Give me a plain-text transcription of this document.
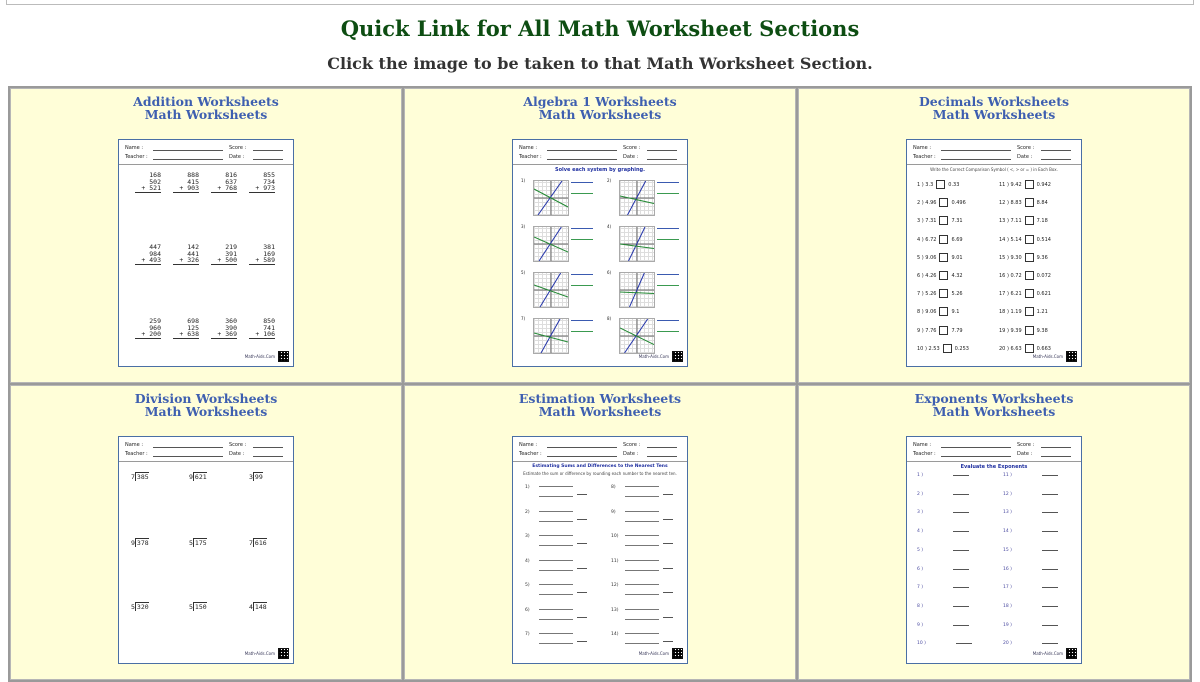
Quick Link for All Math Worksheet Sections
Click the image to be taken to that Math Worksheet Section.
Addition Worksheets
Math Worksheets
Name :	Score :
Teacher :	Date :
168
502
+ 521
888
415
+ 903
816
637
+ 768
855
734
+ 973
447
984
+ 493
142
441
+ 326
219
391
+ 500
381
169
+ 589
259
960
+ 200
698
125
+ 638
360
390
+ 369
850
741
+ 106
Math-Aids.Com
Algebra 1 Worksheets
Math Worksheets
Name :	Score :
Teacher :	Date :
Solve each system by graphing.
1)	2)
3)	4)
5)	6)
7)	8)
Math-Aids.Com
Decimals Worksheets
Math Worksheets
Name :	Score :
Teacher :	Date :
Write the Correct Comparison Symbol ( <, > or = ) in Each Box.
1 ) 3.3	0.33	11 ) 9.42	0.942
2 ) 4.96	0.496	12 ) 8.83	8.84
3 ) 7.31	7.31	13 ) 7.11	7.18
4 ) 6.72	6.69	14 ) 5.14	0.514
5 ) 9.06	9.01	15 ) 9.30	9.36
6 ) 4.26	4.32	16 ) 0.72	0.072
7 ) 5.26	5.26	17 ) 6.21	0.621
8 ) 9.06	9.1	18 ) 1.19	1.21
9 ) 7.76	7.79	19 ) 9.39	9.38
10 ) 2.53	0.253	20 ) 6.63	0.663
Math-Aids.Com
Division Worksheets
Math Worksheets
Name :	Score :
Teacher :	Date :
7 385	9 621	3 99
9 378	5 175	7 616
5 320	5 150	4 148
Math-Aids.Com
Estimation Worksheets
Math Worksheets
Name :	Score :
Teacher :	Date :
Estimating Sums and Differences to the Nearest Tens
Estimate the sum or difference by rounding each number to the nearest ten.
1)
2)
3)
4)
5)
6)
7)
8)
9)
10)
11)
12)
13)
14)
Math-Aids.Com
Exponents Worksheets
Math Worksheets
Name :	Score :
Teacher :	Date :
Evaluate the Exponents
1 )
2 )
3 )
4 )
5 )
6 )
7 )
8 )
9 )
10 )
11 )
12 )
13 )
14 )
15 )
16 )
17 )
18 )
19 )
20 )
Math-Aids.Com
